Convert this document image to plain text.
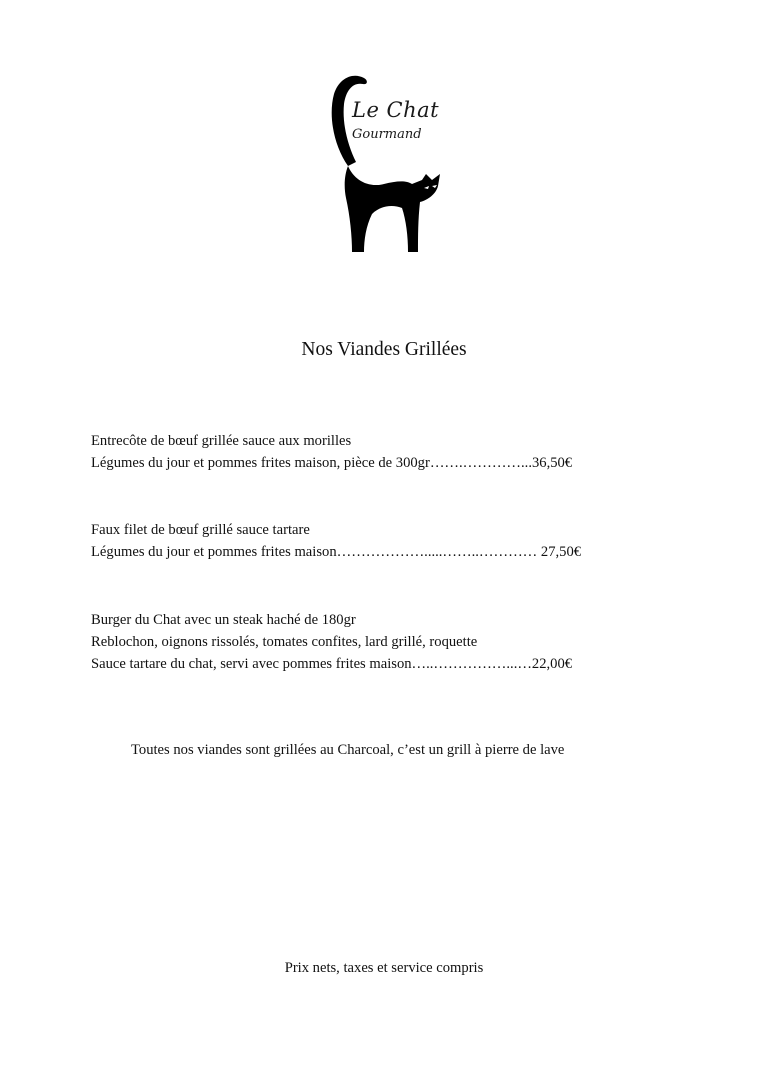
Le Chat
Gourmand
Nos Viandes Grillées
Entrecôte de bœuf grillée sauce aux morilles
Légumes du jour et pommes frites maison, pièce de 300gr…….…………...36,50€
Faux filet de bœuf grillé sauce tartare
Légumes du jour et pommes frites maison……………….....……..………… 27,50€
Burger du Chat avec un steak haché de 180gr
Reblochon, oignons rissolés, tomates confites, lard grillé, roquette
Sauce tartare du chat, servi avec pommes frites maison…..……………...…22,00€
Toutes nos viandes sont grillées au Charcoal, c’est un grill à pierre de lave
Prix nets, taxes et service compris
